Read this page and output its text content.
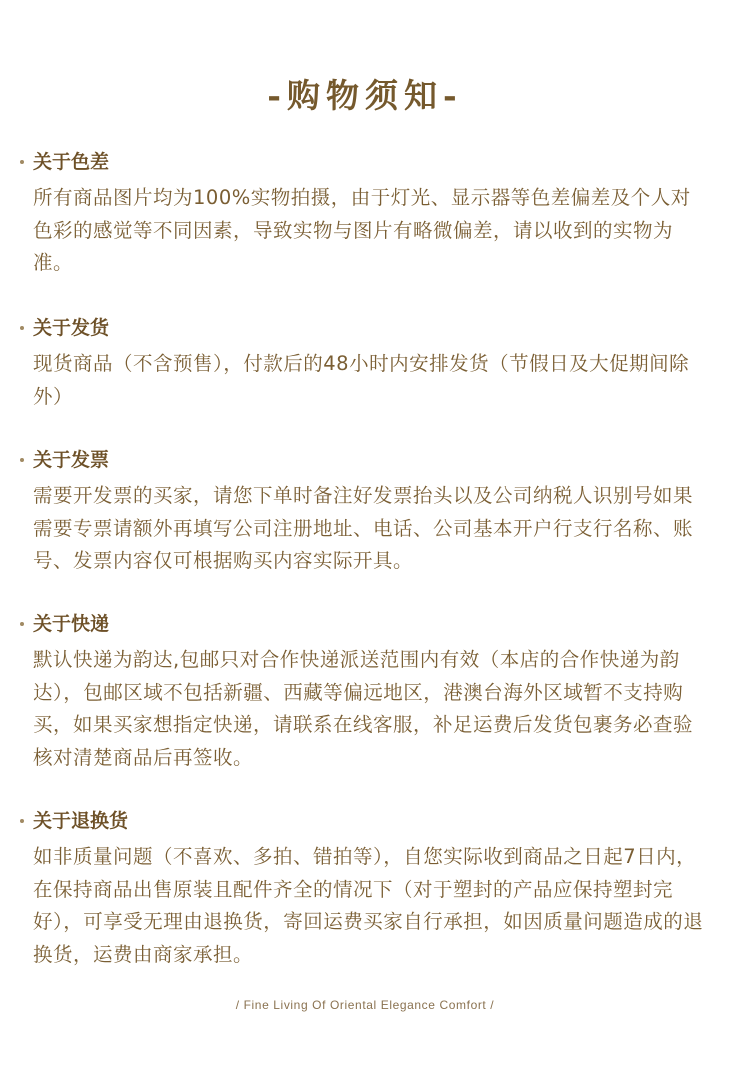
-购物须知-
关于色差
所有商品图片均为100%实物拍摄，由于灯光、显示器等色差偏差及个人对色彩的感觉等不同因素，导致实物与图片有略微偏差，请以收到的实物为准。
关于发货
现货商品（不含预售），付款后的48小时内安排发货（节假日及大促期间除外）
关于发票
需要开发票的买家，请您下单时备注好发票抬头以及公司纳税人识别号如果需要专票请额外再填写公司注册地址、电话、公司基本开户行支行名称、账号、发票内容仅可根据购买内容实际开具。
关于快递
默认快递为韵达,包邮只对合作快递派送范围内有效（本店的合作快递为韵达），包邮区域不包括新疆、西藏等偏远地区，港澳台海外区域暂不支持购买，如果买家想指定快递，请联系在线客服，补足运费后发货包裹务必查验核对清楚商品后再签收。
关于退换货
如非质量问题（不喜欢、多拍、错拍等），自您实际收到商品之日起7日内，在保持商品出售原装且配件齐全的情况下（对于塑封的产品应保持塑封完好），可享受无理由退换货，寄回运费买家自行承担，如因质量问题造成的退换货，运费由商家承担。
/ Fine Living Of Oriental Elegance Comfort /
